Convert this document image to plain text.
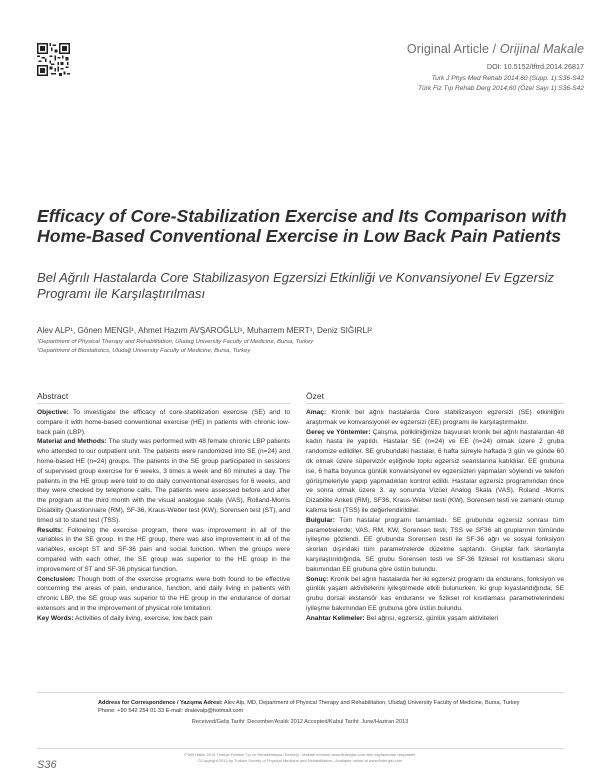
Original Article / Orijinal Makale
DOI: 10.5152/tftrd.2014.26817
Turk J Phys Med Rehab 2014;60 (Supp. 1):S36-S42
Türk Fiz Tıp Rehab Derg 2014;60 (Özel Sayı 1):S36-S42
Efficacy of Core-Stabilization Exercise and Its Comparison with Home-Based Conventional Exercise in Low Back Pain Patients
Bel Ağrılı Hastalarda Core Stabilizasyon Egzersizi Etkinliği ve Konvansiyonel Ev Egzersiz Programı ile Karşılaştırılması
Alev ALP¹, Gönen MENGİ¹, Ahmet Hazım AVŞAROĞLU¹, Muharrem MERT¹, Deniz SIĞIRLI²
¹Department of Physical Therapy and Rehabilitation, Uludag University Faculty of Medicine, Bursa, Turkey
²Department of Biostatistics, Uludağ University Faculty of Medicine, Bursa, Turkey
Abstract	Özet

Objective: To investigate the efficacy of core-stabilization exercise (SE) and to compare it with home-based conventional exercise (HE) in patients with chronic low-back pain (LBP).

Material and Methods: The study was performed with 48 female chronic LBP patients who attended to our outpatient unit. The patients were randomized into SE (n=24) and home-based HE (n=24) groups. The patients in the SE group participated in sessions of supervised group exercise for 6 weeks, 3 times a week and 60 minutes a day. The patients in the HE group were told to do daily conventional exercises for 6 weeks, and they were checked by telephone calls. The patients were assessed before and after the program at the third month with the visual analogue scale (VAS), Rolland-Morris Disability Questionnaire (RM), SF-36, Kraus-Weber test (KW), Sorensen test (ST), and timed sit to stand test (TSS).

Results: Following the exercise program, there was improvement in all of the variables in the SE group. In the HE group, there was also improvement in all of the variables, except ST and SF-36 pain and social function. When the groups were compared with each other, the SE group was superior to the HE group in the improvement of ST and SF-36 physical function.

Conclusion: Though both of the exercise programs were both found to be effective concerning the areas of pain, endurance, function, and daily living in patients with chronic LBP, the SE group was superior to the HE group in the endurance of dorsal extensors and in the improvement of physical role limitation.

Key Words: Activities of daily living, exercise, low back pain

Amaç: Kronik bel ağrılı hastalarda Core stabilizasyon egzersizi (SE) etkinliğini araştırmak ve konvansiyonel ev egzersizi (EE) programı ile karşılaştırmaktır.

Gereç ve Yöntemler: Çalışma, polikliniğimize başvuran kronik bel ağrılı hastalardan 48 kadın hasta ile yapıldı. Hastalar SE (n=24) ve EE (n=24) olmak üzere 2 gruba randomize edildiler. SE grubundaki hastalar, 6 hafta süreyle haftada 3 gün ve günde 60 dk olmak üzere süpervizör eşliğinde toplu egzersiz seanslarına katıldılar. EE grubuna ise, 6 hafta boyunca günlük konvansiyonel ev egzersizleri yapmaları söylendi ve telefon görüşmeleriyle yapıp yapmadıkları kontrol edildi. Hastalar egzersiz programından önce ve sonra olmak üzere 3. ay sonunda Vizüel Analog Skala (VAS), Roland -Morris Dizabilite Anketi (RM), SF36, Kraus-Weber testi (KW), Sorensen testi ve zamanlı oturup kalkma testi (TSS) ile değerlendirildiler.

Bulgular: Tüm hastalar programı tamamladı. SE grubunda egzersiz sonrası tüm parametrelerde; VAS, RM, KW, Sorensen testi, TSS ve SF36 alt gruplarının tümünde iyileşme gözlendi. EE grubunda Sorensen testi ile SF-36 ağrı ve sosyal fonksiyon skorları dışındaki tüm parametrelerde düzelme saptandı. Gruplar fark skorlarıyla karşılaştırıldığında, SE grubu Sorensen testi ve SF-36 fiziksel rol kısıtlaması skoru bakımından EE grubuna göre üstün bulundu.

Sonuç: Kronik bel ağrılı hastalarda her iki egzersiz programı da endurans, fonksiyon ve günlük yaşam aktivitelerini iyileştirmede etkili bulunurken, iki grup kıyaslandığında; SE grubu dorsal ekstansör kas enduransı ve fiziksel rol kısıtlaması parametrelerindeki iyileşme bakımından EE grubuna göre üstün bulundu.

Anahtar Kelimeler: Bel ağrısı, egzersiz, günlük yaşam aktiviteleri

Address for Correspondence / Yazışma Adresi: Alev Alp, MD, Department of Physical Therapy and Rehabilitation, Uludağ University Faculty of Medicine, Bursa, Turkey Phone: +90 542 254 01 33 E-mail: dralevalp@hotmail.com
Received/Geliş Tarihi: December/Aralık 2012 Accepted/Kabul Tarihi: June/Haziran 2013
S36
©Telif Hakkı 2014 Türkiye Fiziksel Tıp ve Rehabilitasyon Derneği - Makale metnine www.ftrdergisi.com web sayfasından ulaşılabilir.
©Copyright 2014 by Turkish Society of Physical Medicine and Rehabilitation - Available online at www.ftrdergisi.com
